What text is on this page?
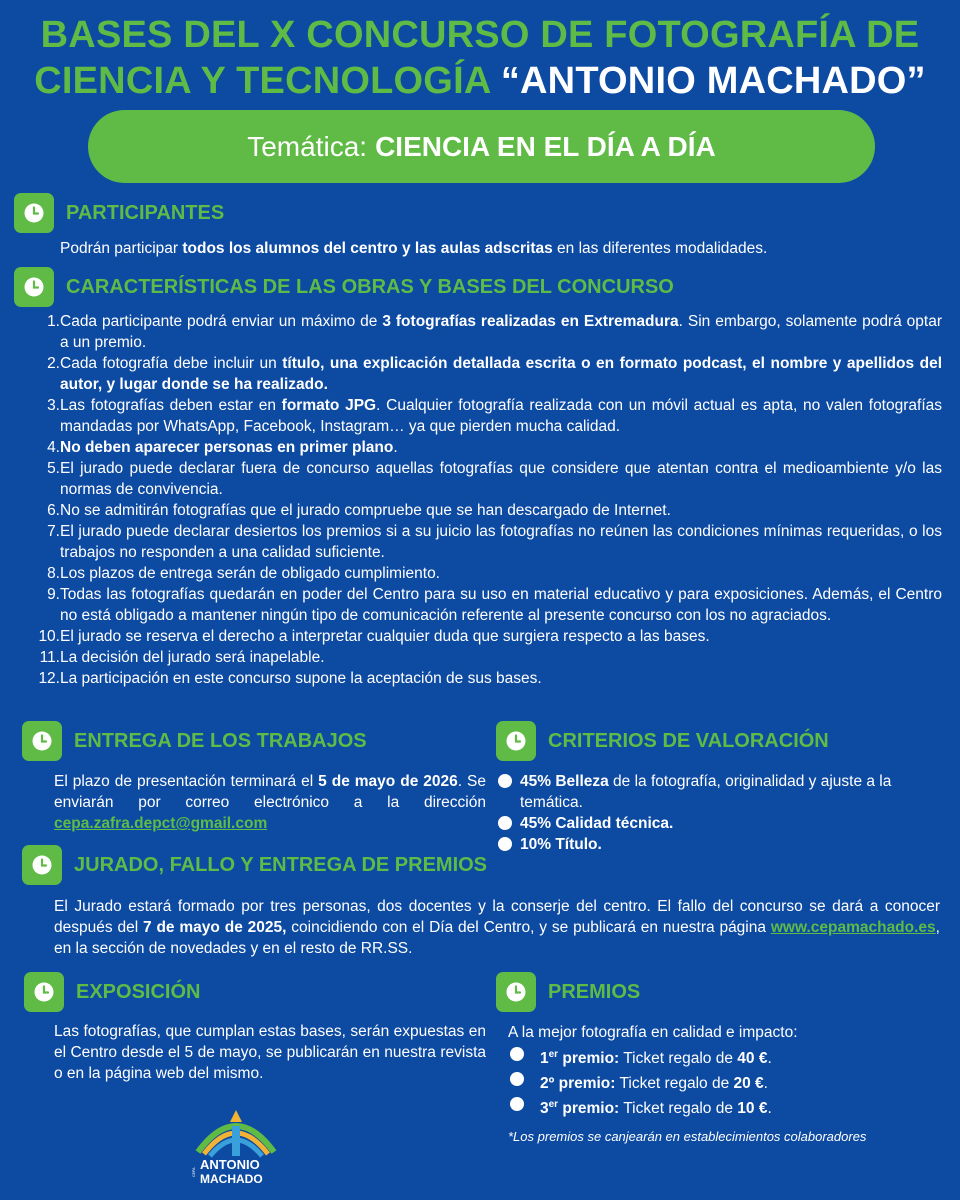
BASES DEL X CONCURSO DE FOTOGRAFÍA DE
CIENCIA Y TECNOLOGÍA “ANTONIO MACHADO”
Temática: CIENCIA EN EL DÍA A DÍA
PARTICIPANTES
Podrán participar todos los alumnos del centro y las aulas adscritas en las diferentes modalidades.
CARACTERÍSTICAS DE LAS OBRAS Y BASES DEL CONCURSO
1. Cada participante podrá enviar un máximo de 3 fotografías realizadas en Extremadura. Sin embargo, solamente podrá optar a un premio.
2. Cada fotografía debe incluir un título, una explicación detallada escrita o en formato podcast, el nombre y apellidos del autor, y lugar donde se ha realizado.
3. Las fotografías deben estar en formato JPG. Cualquier fotografía realizada con un móvil actual es apta, no valen fotografías mandadas por WhatsApp, Facebook, Instagram… ya que pierden mucha calidad.
4. No deben aparecer personas en primer plano.
5. El jurado puede declarar fuera de concurso aquellas fotografías que considere que atentan contra el medioambiente y/o las normas de convivencia.
6. No se admitirán fotografías que el jurado compruebe que se han descargado de Internet.
7. El jurado puede declarar desiertos los premios si a su juicio las fotografías no reúnen las condiciones mínimas requeridas, o los trabajos no responden a una calidad suficiente.
8. Los plazos de entrega serán de obligado cumplimiento.
9. Todas las fotografías quedarán en poder del Centro para su uso en material educativo y para exposiciones. Además, el Centro no está obligado a mantener ningún tipo de comunicación referente al presente concurso con los no agraciados.
10. El jurado se reserva el derecho a interpretar cualquier duda que surgiera respecto a las bases.
11. La decisión del jurado será inapelable.
12. La participación en este concurso supone la aceptación de sus bases.
ENTREGA DE LOS TRABAJOS
El plazo de presentación terminará el 5 de mayo de 2026. Se enviarán por correo electrónico a la dirección cepa.zafra.depct@gmail.com
CRITERIOS DE VALORACIÓN
45% Belleza de la fotografía, originalidad y ajuste a la temática.
45% Calidad técnica.
10% Título.
JURADO, FALLO Y ENTREGA DE PREMIOS
El Jurado estará formado por tres personas, dos docentes y la conserje del centro. El fallo del concurso se dará a conocer después del 7 de mayo de 2025, coincidiendo con el Día del Centro, y se publicará en nuestra página www.cepamachado.es, en la sección de novedades y en el resto de RR.SS.
EXPOSICIÓN
Las fotografías, que cumplan estas bases, serán expuestas en el Centro desde el 5 de mayo, se publicarán en nuestra revista o en la página web del mismo.
PREMIOS
A la mejor fotografía en calidad e impacto:
1er premio: Ticket regalo de 40 €.
2º premio: Ticket regalo de 20 €.
3er premio: Ticket regalo de 10 €.
*Los premios se canjearán en establecimientos colaboradores
CEPA
ANTONIO
MACHADO
